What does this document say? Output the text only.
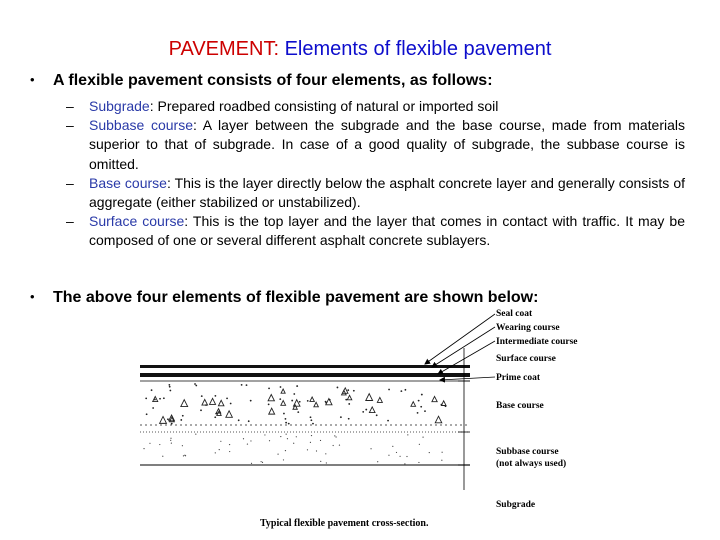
PAVEMENT: Elements of flexible pavement
• A flexible pavement consists of four elements, as follows:
– Subgrade: Prepared roadbed consisting of natural or imported soil
– Subbase course: A layer between the subgrade and the base course, made from materials superior to that of subgrade. In case of a good quality of subgrade, the subbase course is omitted.
– Base course: This is the layer directly below the asphalt concrete layer and generally consists of aggregate (either stabilized or unstabilized).
– Surface course: This is the top layer and the layer that comes in contact with traffic. It may be composed of one or several different asphalt concrete sublayers.
• The above four elements of flexible pavement are shown below:
Seal coat
Wearing course
Intermediate course
Surface course
Prime coat
Base course
Subbase course
(not always used)
Subgrade
Typical flexible pavement cross-section.
